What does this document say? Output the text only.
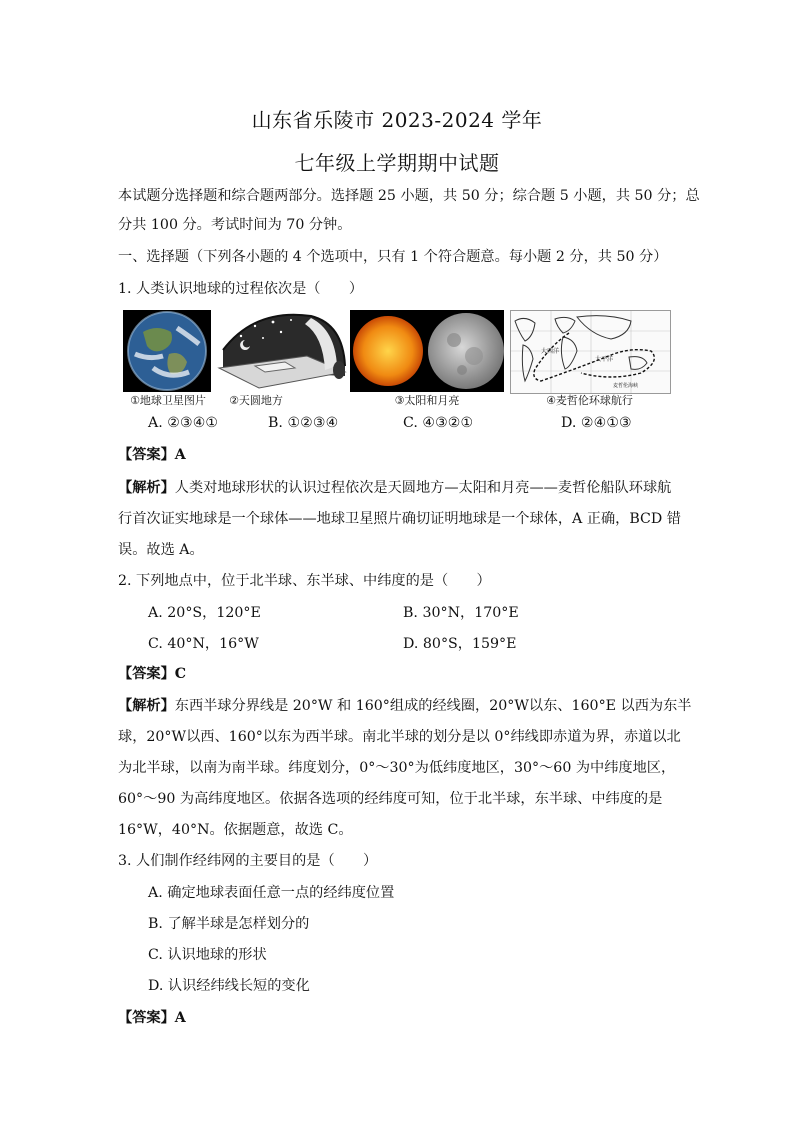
山东省乐陵市 2023-2024 学年
七年级上学期期中试题
本试题分选择题和综合题两部分。选择题 25 小题，共 50 分；综合题 5 小题，共 50 分；总
分共 100 分。考试时间为 70 分钟。
一、选择题（下列各小题的 4 个选项中，只有 1 个符合题意。每小题 2 分，共 50 分）
1. 人类认识地球的过程依次是（　　）
①地球卫星图片	②天圆地方	③太阳和月亮
太平洋
大西洋
麦哲伦海峡
④麦哲伦环球航行
A. ②③④①	B. ①②③④	C. ④③②①	D. ②④①③
【答案】A
【解析】人类对地球形状的认识过程依次是天圆地方—太阳和月亮——麦哲伦船队环球航
行首次证实地球是一个球体——地球卫星照片确切证明地球是一个球体，A 正确，BCD 错
误。故选 A。
2. 下列地点中，位于北半球、东半球、中纬度的是（　　）
A. 20°S，120°E	B. 30°N，170°E
C. 40°N，16°W	D. 80°S，159°E
【答案】C
【解析】东西半球分界线是 20°W 和 160°组成的经线圈，20°W以东、160°E 以西为东半
球，20°W以西、160°以东为西半球。南北半球的划分是以 0°纬线即赤道为界，赤道以北
为北半球，以南为南半球。纬度划分，0°～30°为低纬度地区，30°～60 为中纬度地区，
60°～90 为高纬度地区。依据各选项的经纬度可知，位于北半球，东半球、中纬度的是
16°W，40°N。依据题意，故选 C。
3. 人们制作经纬网的主要目的是（　　）
A. 确定地球表面任意一点的经纬度位置
B. 了解半球是怎样划分的
C. 认识地球的形状
D. 认识经纬线长短的变化
【答案】A
